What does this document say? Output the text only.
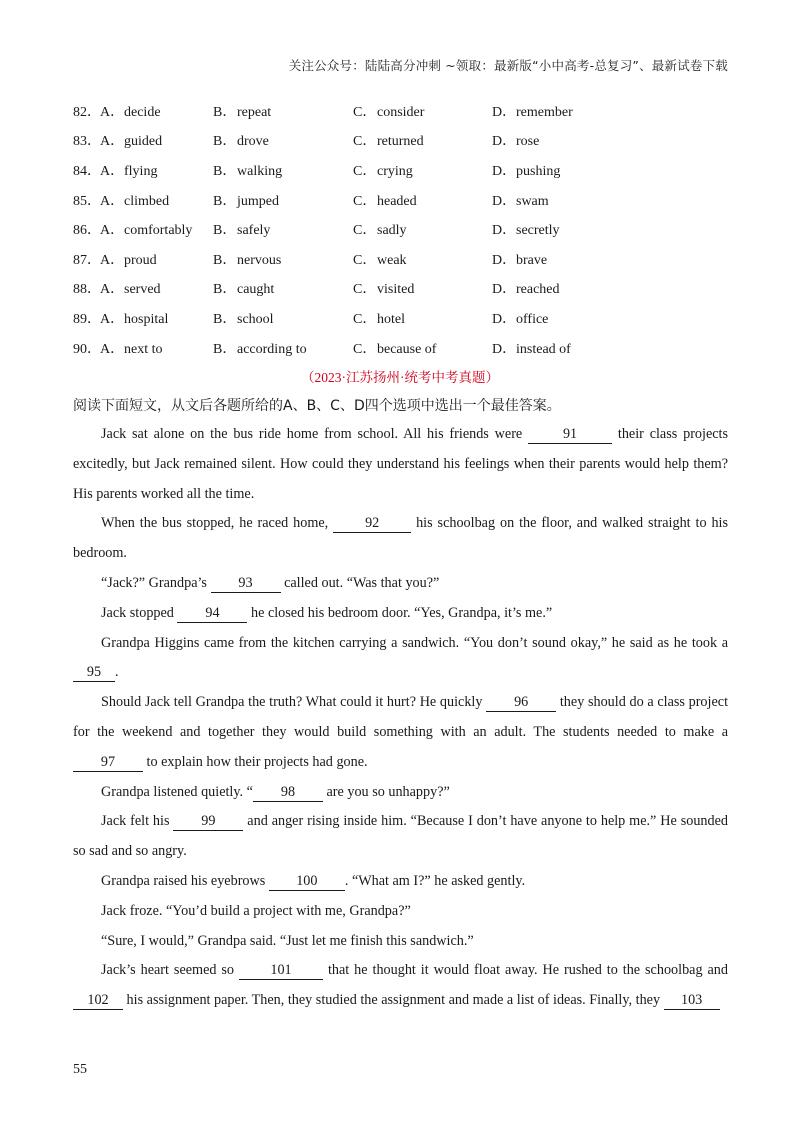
关注公众号：陆陆高分冲刺 ~领取：最新版“小中高考-总复习”、最新试卷下载
82． A．decide	B．repeat	C．consider	D．remember
83． A．guided	B．drove	C．returned	D．rose
84． A．flying	B．walking	C．crying	D．pushing
85． A．climbed	B．jumped	C．headed	D．swam
86． A．comfortably	B．safely	C．sadly	D．secretly
87． A．proud	B．nervous	C．weak	D．brave
88． A．served	B．caught	C．visited	D．reached
89． A．hospital	B．school	C．hotel	D．office
90． A．next to	B．according to	C．because of	D．instead of
（2023·江苏扬州·统考中考真题）
阅读下面短文，从文后各题所给的A、B、C、D四个选项中选出一个最佳答案。

Jack sat alone on the bus ride home from school. All his friends were	91	their class projects excitedly, but Jack remained silent. How could they understand his feelings when their parents would help them? His parents worked all the time.

When the bus stopped, he raced home,	92	his schoolbag on the floor, and walked straight to his bedroom.

“Jack?” Grandpa’s 93 called out. “Was that you?”

Jack stopped 94 he closed his bedroom door. “Yes, Grandpa, it’s me.”

Grandpa Higgins came from the kitchen carrying a sandwich. “You don’t sound okay,” he said as he took a 95 .

Should Jack tell Grandpa the truth? What could it hurt? He quickly 96 they should do a class project for the weekend and together they would build something with an adult. The students needed to make a 97 to explain how their projects had gone.

Grandpa listened quietly. “ 98 are you so unhappy?”

Jack felt his 99 and anger rising inside him. “Because I don’t have anyone to help me.” He sounded so sad and so angry.

Grandpa raised his eyebrows 100 . “What am I?” he asked gently.

Jack froze. “You’d build a project with me, Grandpa?”

“Sure, I would,” Grandpa said. “Just let me finish this sandwich.”

Jack’s heart seemed so	101	that he thought it would float away. He rushed to the schoolbag and 102 his assignment paper. Then, they studied the assignment and made a list of ideas. Finally, they 103

55
